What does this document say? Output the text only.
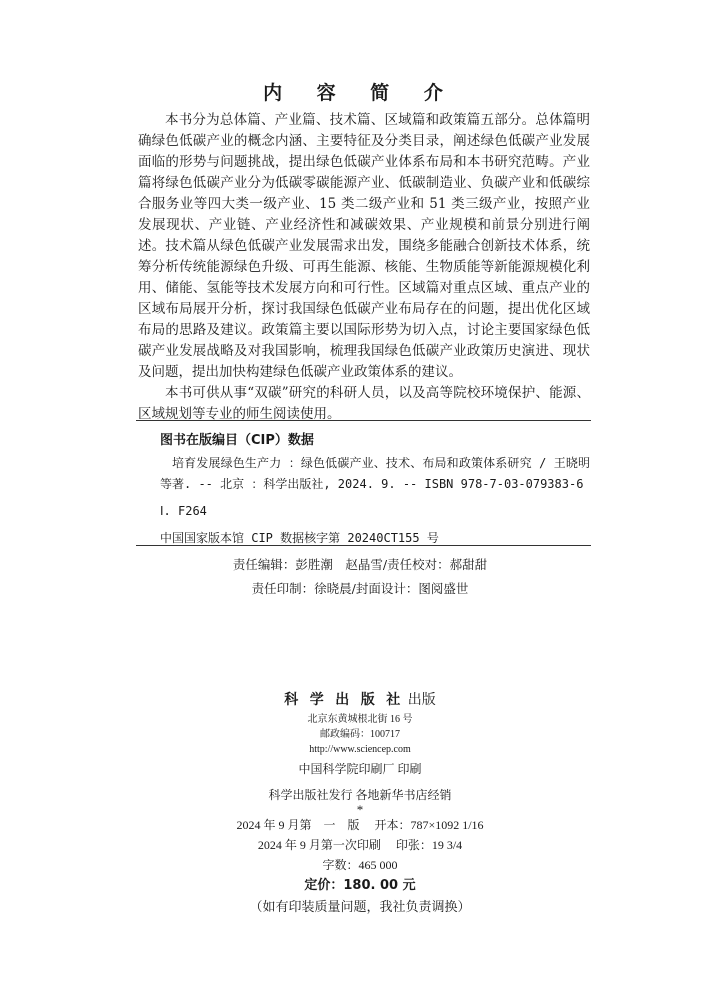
内 容 简 介

本书分为总体篇、产业篇、技术篇、区域篇和政策篇五部分。总体篇明确绿色低碳产业的概念内涵、主要特征及分类目录，阐述绿色低碳产业发展面临的形势与问题挑战，提出绿色低碳产业体系布局和本书研究范畴。产业篇将绿色低碳产业分为低碳零碳能源产业、低碳制造业、负碳产业和低碳综合服务业等四大类一级产业、15 类二级产业和 51 类三级产业，按照产业发展现状、产业链、产业经济性和减碳效果、产业规模和前景分别进行阐述。技术篇从绿色低碳产业发展需求出发，围绕多能融合创新技术体系，统筹分析传统能源绿色升级、可再生能源、核能、生物质能等新能源规模化利用、储能、氢能等技术发展方向和可行性。区域篇对重点区域、重点产业的区域布局展开分析，探讨我国绿色低碳产业布局存在的问题，提出优化区域布局的思路及建议。政策篇主要以国际形势为切入点，讨论主要国家绿色低碳产业发展战略及对我国影响，梳理我国绿色低碳产业政策历史演进、现状及问题，提出加快构建绿色低碳产业政策体系的建议。

本书可供从事“双碳”研究的科研人员，以及高等院校环境保护、能源、区域规划等专业的师生阅读使用。

图书在版编目（CIP）数据

培育发展绿色生产力 ：绿色低碳产业、技术、布局和政策体系研究 / 王晓明等著. -- 北京 ：科学出版社, 2024. 9. -- ISBN 978-7-03-079383-6

Ⅰ. F264

中国国家版本馆 CIP 数据核字第 20240CT155 号

责任编辑：彭胜潮　赵晶雪/责任校对：郝甜甜

责任印制：徐晓晨/封面设计：图阅盛世

科 学 出 版 社 出版

北京东黄城根北街 16 号

邮政编码：100717

http://www.sciencep.com

中国科学院印刷厂 印刷

科学出版社发行 各地新华书店经销

*

2024 年 9 月第　一　版　 开本：787×1092 1/16

2024 年 9 月第一次印刷　 印张：19 3/4

字数：465 000

定价：180. 00 元

（如有印装质量问题，我社负责调换）
